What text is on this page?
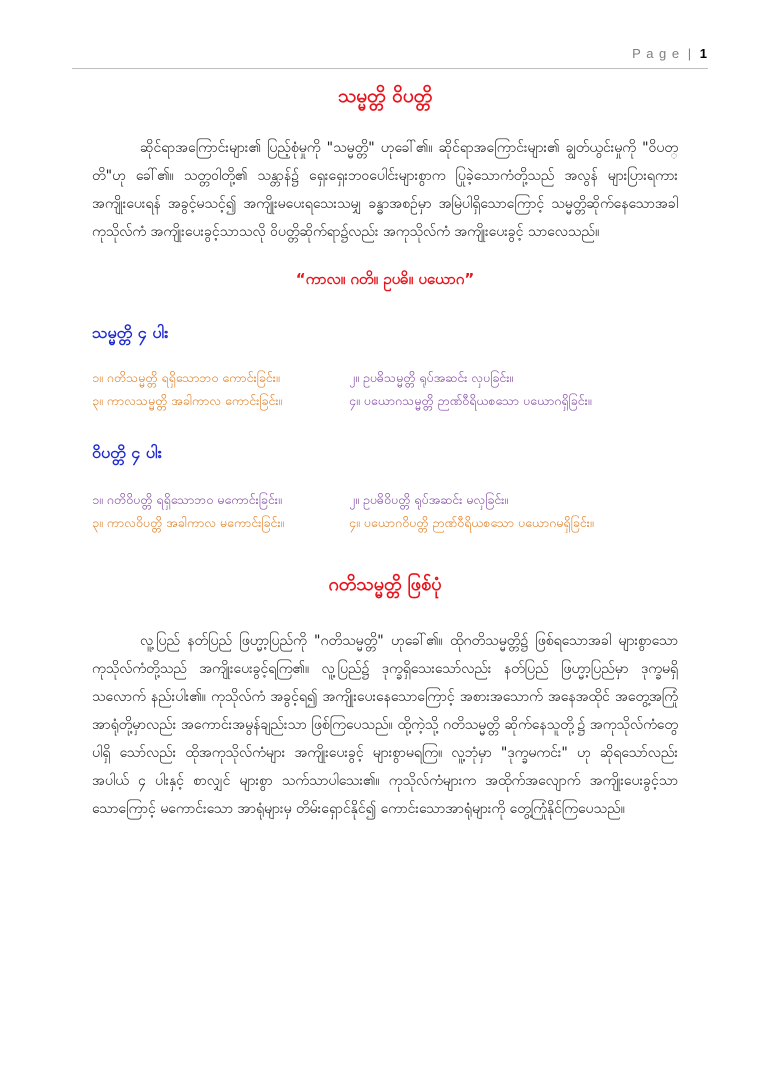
P a g e | 1

သမ္မတ္တိ ဝိပတ္တိ

ဆိုင်ရာအကြောင်းများ၏ ပြည့်စုံမှုကို "သမ္မတ္တိ" ဟုခေါ်၏။ ဆိုင်ရာအကြောင်းများ၏ ချွတ်ယွင်းမှုကို "ဝိပတ္တိ"ဟု ခေါ်၏။ သတ္တဝါတို့၏ သန္တာန်၌ ရှေးရှေးဘဝပေါင်းများစွာက ပြုခဲ့သောကံတို့သည် အလွန် များပြားရကား အကျိုးပေးရန် အခွင့်မသင့်၍ အကျိုးမပေးရသေးသမျှ ခန္ဓာအစဉ်မှာ အမြဲပါရှိသောကြောင့် သမ္မတ္တိဆိုက်နေသောအခါ ကုသိုလ်ကံ အကျိုးပေးခွင့်သာသလို ဝိပတ္တိဆိုက်ရာ၌လည်း အကုသိုလ်ကံ အကျိုးပေးခွင့် သာလေသည်။

“ကာလ။ ဂတိ။ ဥပဓိ။ ပယောဂ”

သမ္မတ္တိ ၄ ပါး

၁။ ဂတိသမ္မတ္တိ ရရှိသောဘဝ ကောင်းခြင်း။	၂။ ဥပဓိသမ္မတ္တိ ရုပ်အဆင်း လှပခြင်း။
၃။ ကာလသမ္မတ္တိ အခါကာလ ကောင်းခြင်း။	၄။ ပယောဂသမ္မတ္တိ ဉာဏ်ဝီရိယစသော ပယောဂရှိခြင်း။

ဝိပတ္တိ ၄ ပါး

၁။ ဂတိဝိပတ္တိ ရရှိသောဘဝ မကောင်းခြင်း။	၂။ ဥပဓိဝိပတ္တိ ရုပ်အဆင်း မလှခြင်း။
၃။ ကာလဝိပတ္တိ အခါကာလ မကောင်းခြင်း။	၄။ ပယောဂဝိပတ္တိ ဉာဏ်ဝီရိယစသော ပယောဂမရှိခြင်း။

ဂတိသမ္မတ္တိ ဖြစ်ပုံ

လူ့ပြည် နတ်ပြည် ဖြဟ္မာ့ပြည်ကို "ဂတိသမ္မတ္တိ" ဟုခေါ်၏။ ထိုဂတိသမ္မတ္တိ၌ ဖြစ်ရသောအခါ များစွာသော ကုသိုလ်ကံတို့သည် အကျိုးပေးခွင့်ရကြ၏။ လူ့ပြည်၌ ဒုက္ခရှိသေးသော်လည်း နတ်ပြည် ဖြဟ္မာ့ပြည်မှာ ဒုက္ခမရှိသလောက် နည်းပါး၏။ ကုသိုလ်ကံ အခွင့်ရ၍ အကျိုးပေးနေသောကြောင့် အစားအသောက် အနေအထိုင် အတွေ့အကြုံအာရုံတို့မှာလည်း အကောင်းအမွန်ချည်းသာ ဖြစ်ကြပေသည်။ ထို့ကဲ့သို့ ဂတိသမ္မတ္တိ ဆိုက်နေသူတို့၌ အကုသိုလ်ကံတွေပါရှိ သော်လည်း ထိုအကုသိုလ်ကံများ အကျိုးပေးခွင့် များစွာမရကြ။ လူ့ဘုံမှာ "ဒုက္ခမကင်း" ဟု ဆိုရသော်လည်း အပါယ် ၄ ပါးနှင့် စာလျှင် များစွာ သက်သာပါသေး၏။ ကုသိုလ်ကံများက အထိုက်အလျောက် အကျိုးပေးခွင့်သာသောကြောင့် မကောင်းသော အာရုံများမှ တိမ်းရှောင်နိုင်၍ ကောင်းသောအာရုံများကို တွေ့ကြုံနိုင်ကြပေသည်။
